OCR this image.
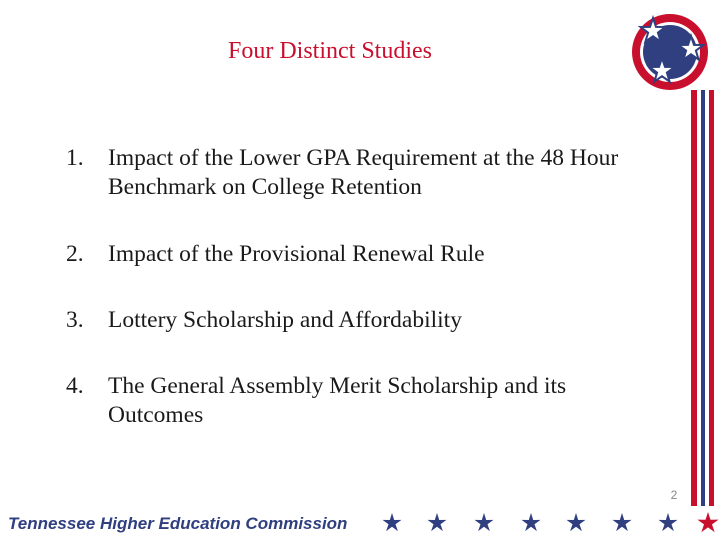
Four Distinct Studies
1.	Impact of the Lower GPA Requirement at the 48 Hour Benchmark on College Retention
2.	Impact of the Provisional Renewal Rule
3.	Lottery Scholarship and Affordability
4.	The General Assembly Merit Scholarship and its Outcomes
2
Tennessee Higher Education Commission
